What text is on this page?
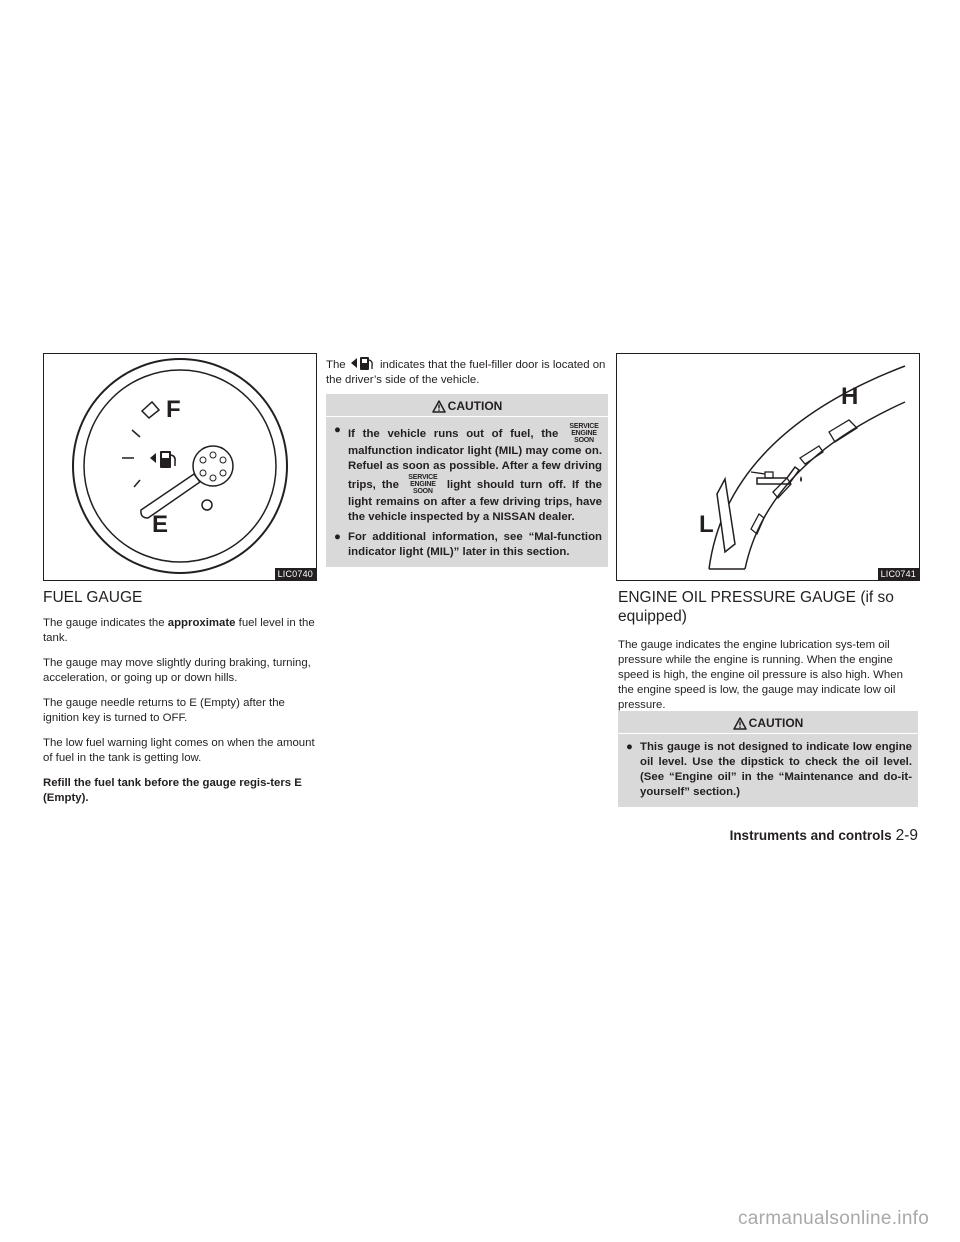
F
E
LIC0740
FUEL GAUGE

The gauge indicates the approximate fuel level in the tank.

The gauge may move slightly during braking, turning, acceleration, or going up or down hills.

The gauge needle returns to E (Empty) after the ignition key is turned to OFF.

The low fuel warning light comes on when the amount of fuel in the tank is getting low.

Refill the fuel tank before the gauge regis-ters E (Empty).

The	indicates that the fuel-filler door is located on the driver’s side of the vehicle.

CAUTION
● If the vehicle runs out of fuel, the SERVICE
ENGINE
SOON malfunction indicator light (MIL) may come on. Refuel as soon as possible. After a few driving trips, the SERVICE
ENGINE
SOON light should turn off. If the light remains on after a few driving trips, have the vehicle inspected by a NISSAN dealer.
● For additional information, see “Mal-function indicator light (MIL)” later in this section.
H
L
LIC0741
ENGINE OIL PRESSURE GAUGE (if so equipped)

The gauge indicates the engine lubrication sys-tem oil pressure while the engine is running. When the engine speed is high, the engine oil pressure is also high. When the engine speed is low, the gauge may indicate low oil pressure.

CAUTION
● This gauge is not designed to indicate low engine oil level. Use the dipstick to check the oil level. (See “Engine oil” in the “Maintenance and do-it-yourself” section.)
Instruments and controls 2-9
carmanualsonline.info
